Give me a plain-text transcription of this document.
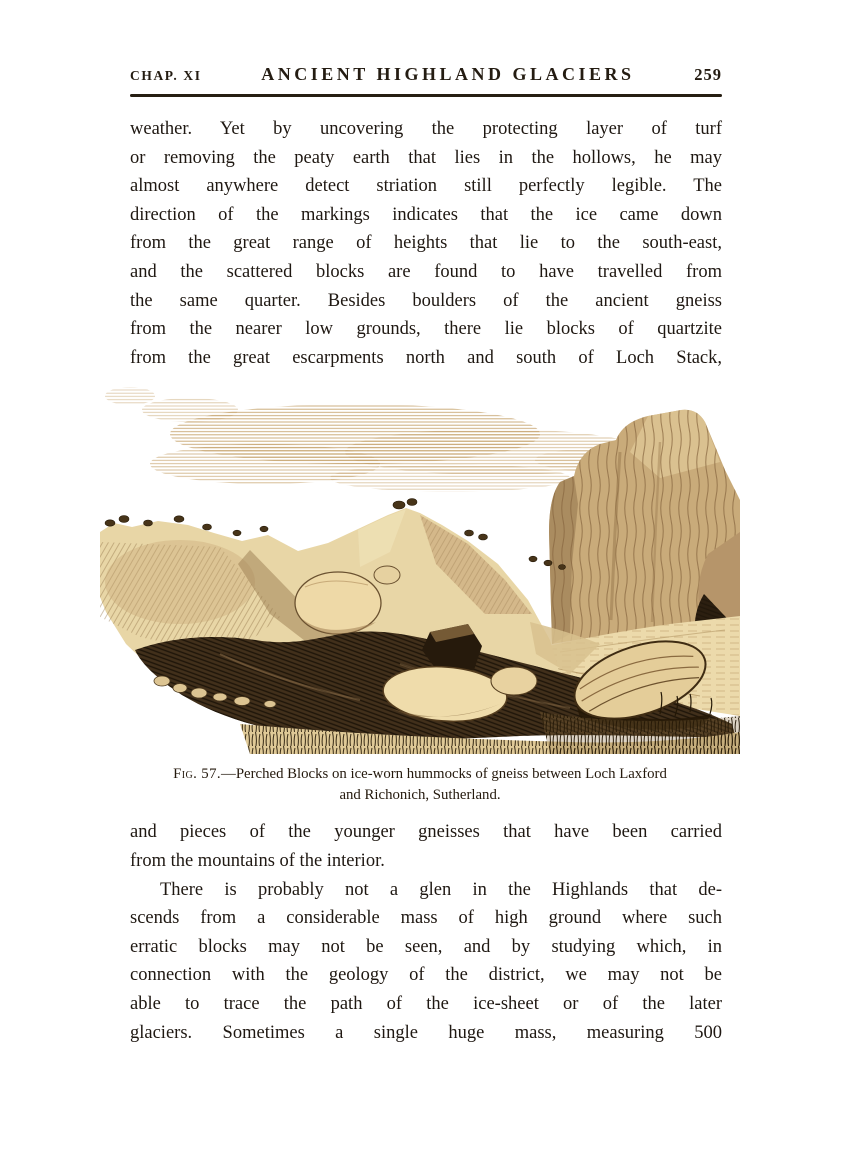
CHAP. XI	ANCIENT HIGHLAND GLACIERS	259
weather. Yet by uncovering the protecting layer of turf
or removing the peaty earth that lies in the hollows, he may
almost anywhere detect striation still perfectly legible. The
direction of the markings indicates that the ice came down
from the great range of heights that lie to the south-east,
and the scattered blocks are found to have travelled from
the same quarter. Besides boulders of the ancient gneiss
from the nearer low grounds, there lie blocks of quartzite
from the great escarpments north and south of Loch Stack,
Fig. 57.—Perched Blocks on ice-worn hummocks of gneiss between Loch Laxford
and Richonich, Sutherland.
and pieces of the younger gneisses that have been carried
from the mountains of the interior.
There is probably not a glen in the Highlands that de-
scends from a considerable mass of high ground where such
erratic blocks may not be seen, and by studying which, in
connection with the geology of the district, we may not be
able to trace the path of the ice-sheet or of the later
glaciers. Sometimes a single huge mass, measuring 500
